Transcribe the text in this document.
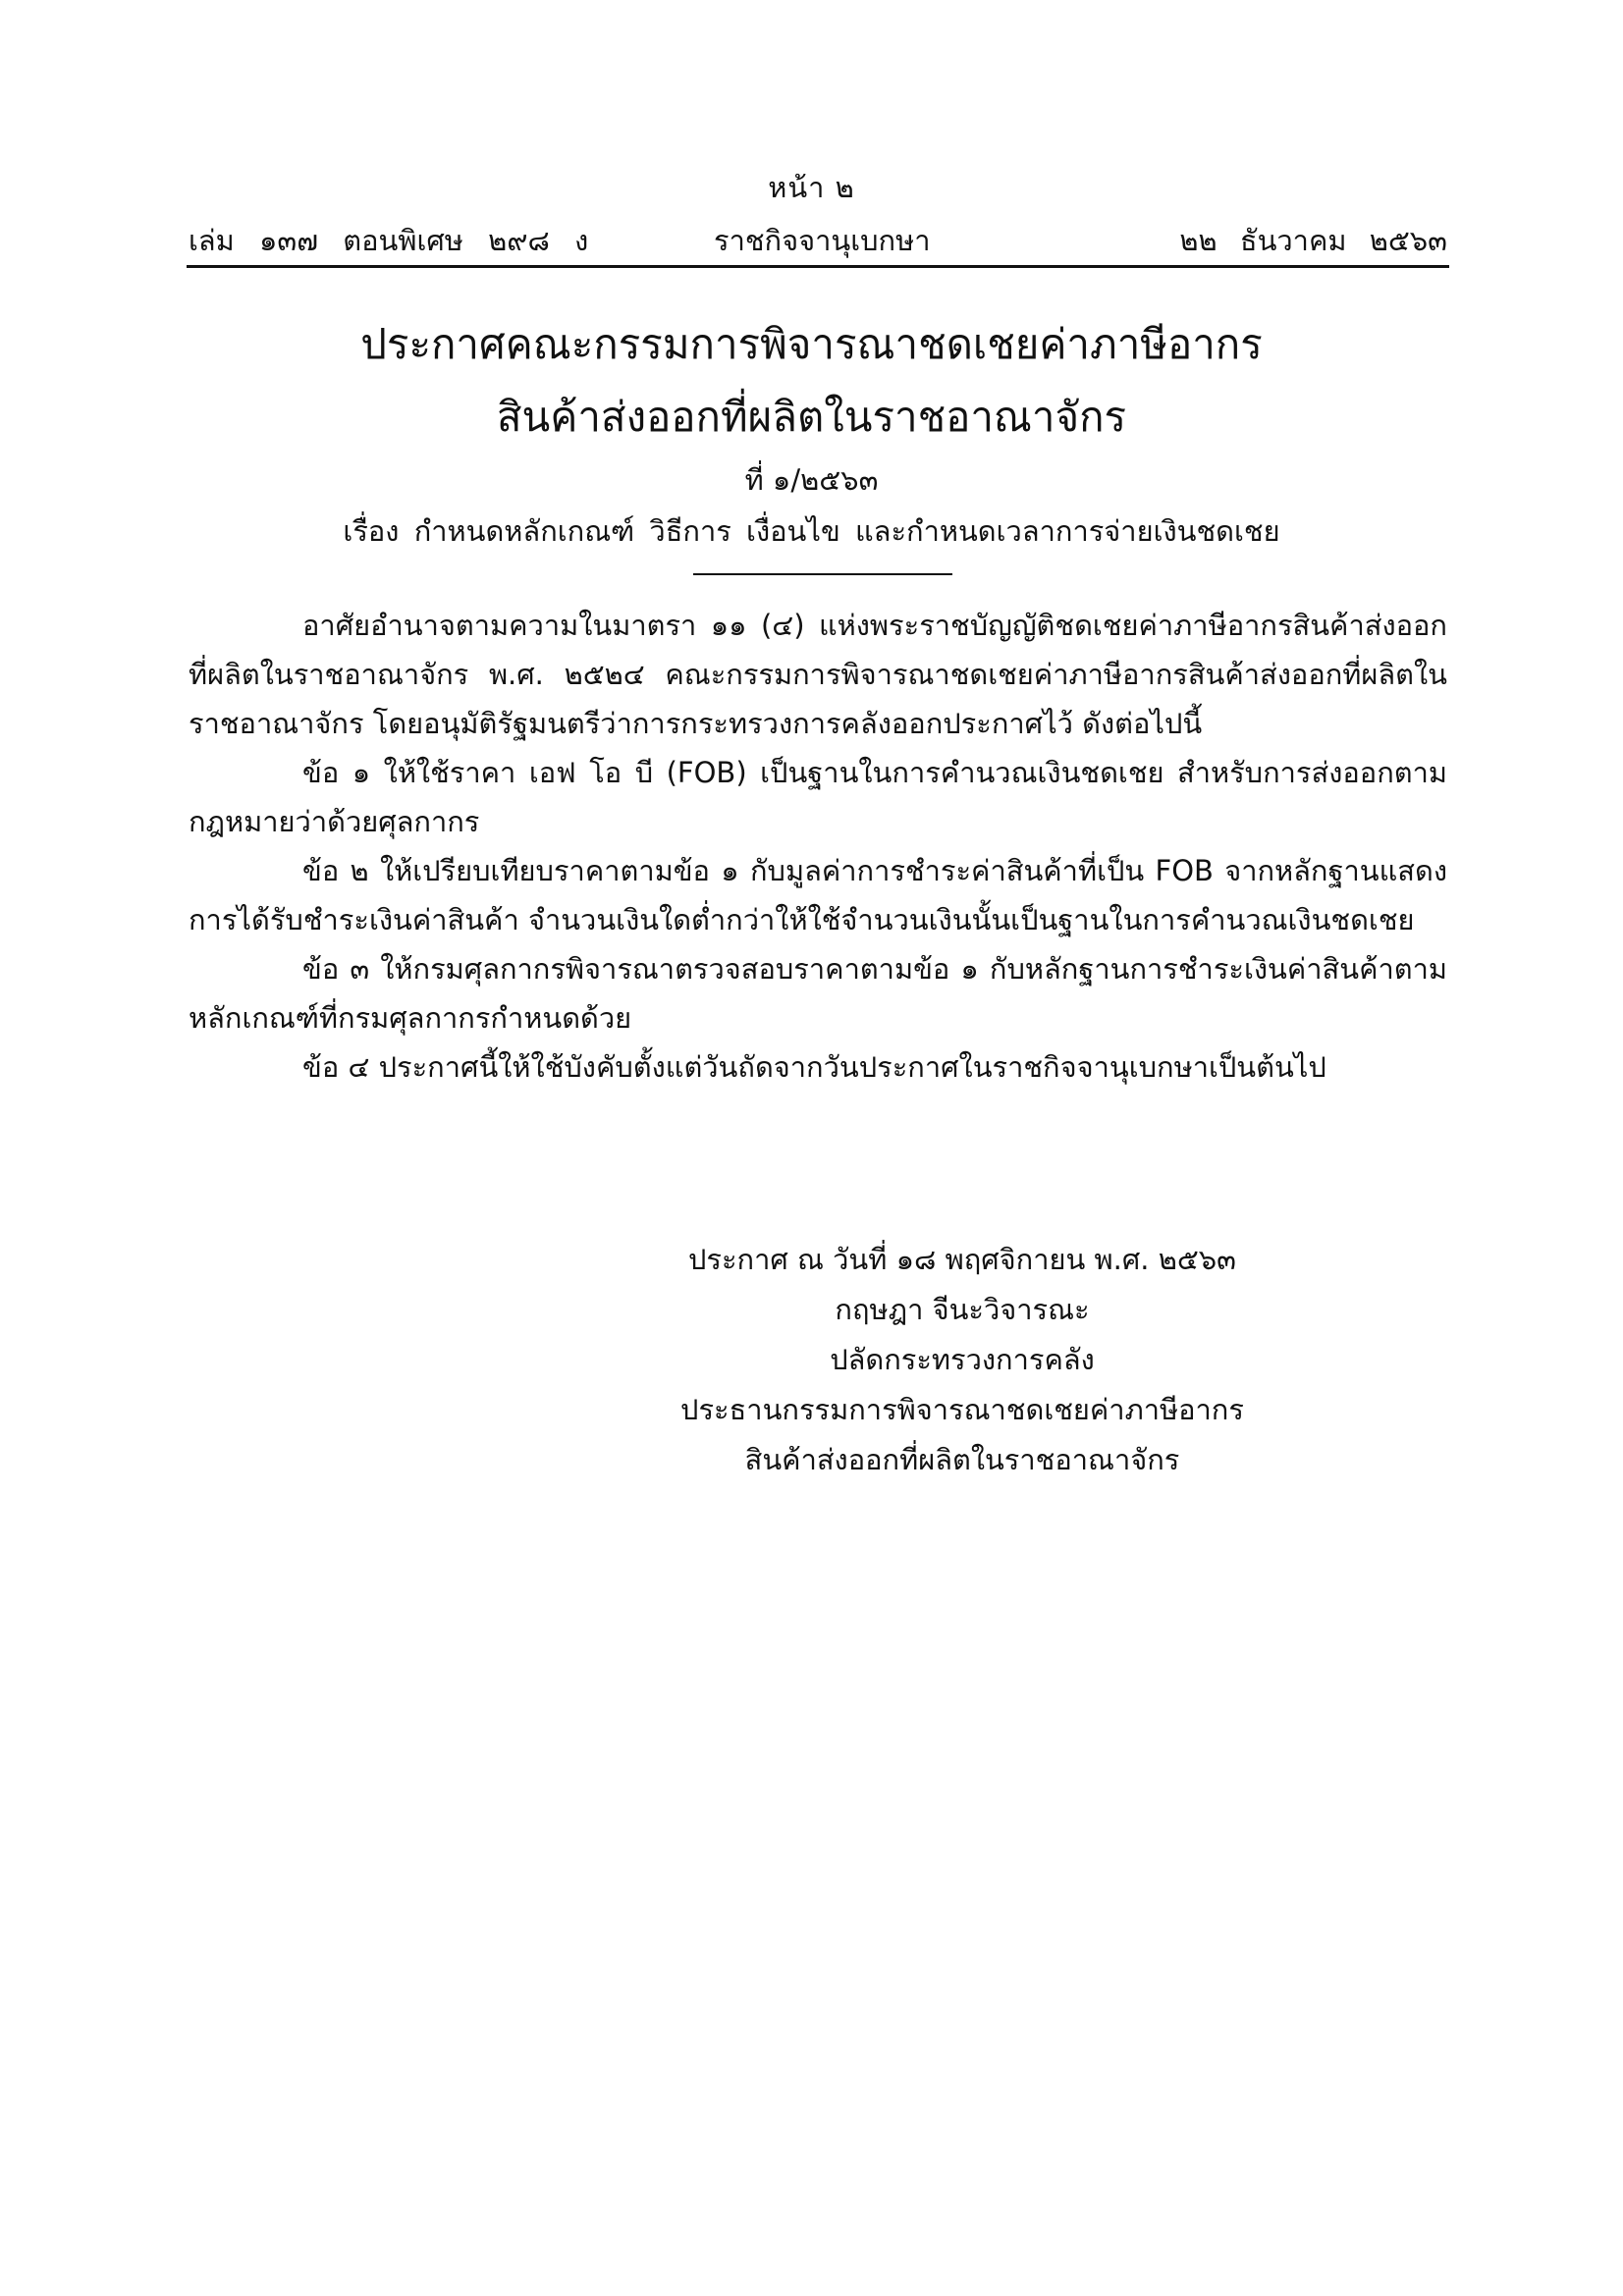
หน้า ๒
เล่ม ๑๓๗ ตอนพิเศษ ๒๙๘ ง	ราชกิจจานุเบกษา	๒๒ ธันวาคม ๒๕๖๓
ประกาศคณะกรรมการพิจารณาชดเชยค่าภาษีอากร
สินค้าส่งออกที่ผลิตในราชอาณาจักร
ที่ ๑/๒๕๖๓
เรื่อง กำหนดหลักเกณฑ์ วิธีการ เงื่อนไข และกำหนดเวลาการจ่ายเงินชดเชย

อาศัยอำนาจตามความในมาตรา ๑๑ (๔) แห่งพระราชบัญญัติชดเชยค่าภาษีอากรสินค้าส่งออกที่ผลิตในราชอาณาจักร พ.ศ. ๒๕๒๔ คณะกรรมการพิจารณาชดเชยค่าภาษีอากรสินค้าส่งออกที่ผลิตในราชอาณาจักร โดยอนุมัติรัฐมนตรีว่าการกระทรวงการคลังออกประกาศไว้ ดังต่อไปนี้

ข้อ ๑ ให้ใช้ราคา เอฟ โอ บี (FOB) เป็นฐานในการคำนวณเงินชดเชย สำหรับการส่งออกตามกฎหมายว่าด้วยศุลกากร

ข้อ ๒ ให้เปรียบเทียบราคาตามข้อ ๑ กับมูลค่าการชำระค่าสินค้าที่เป็น FOB จากหลักฐานแสดงการได้รับชำระเงินค่าสินค้า จำนวนเงินใดต่ำกว่าให้ใช้จำนวนเงินนั้นเป็นฐานในการคำนวณเงินชดเชย

ข้อ ๓ ให้กรมศุลกากรพิจารณาตรวจสอบราคาตามข้อ ๑ กับหลักฐานการชำระเงินค่าสินค้าตามหลักเกณฑ์ที่กรมศุลกากรกำหนดด้วย

ข้อ ๔ ประกาศนี้ให้ใช้บังคับตั้งแต่วันถัดจากวันประกาศในราชกิจจานุเบกษาเป็นต้นไป

ประกาศ ณ วันที่ ๑๘ พฤศจิกายน พ.ศ. ๒๕๖๓
กฤษฎา จีนะวิจารณะ
ปลัดกระทรวงการคลัง
ประธานกรรมการพิจารณาชดเชยค่าภาษีอากร
สินค้าส่งออกที่ผลิตในราชอาณาจักร
